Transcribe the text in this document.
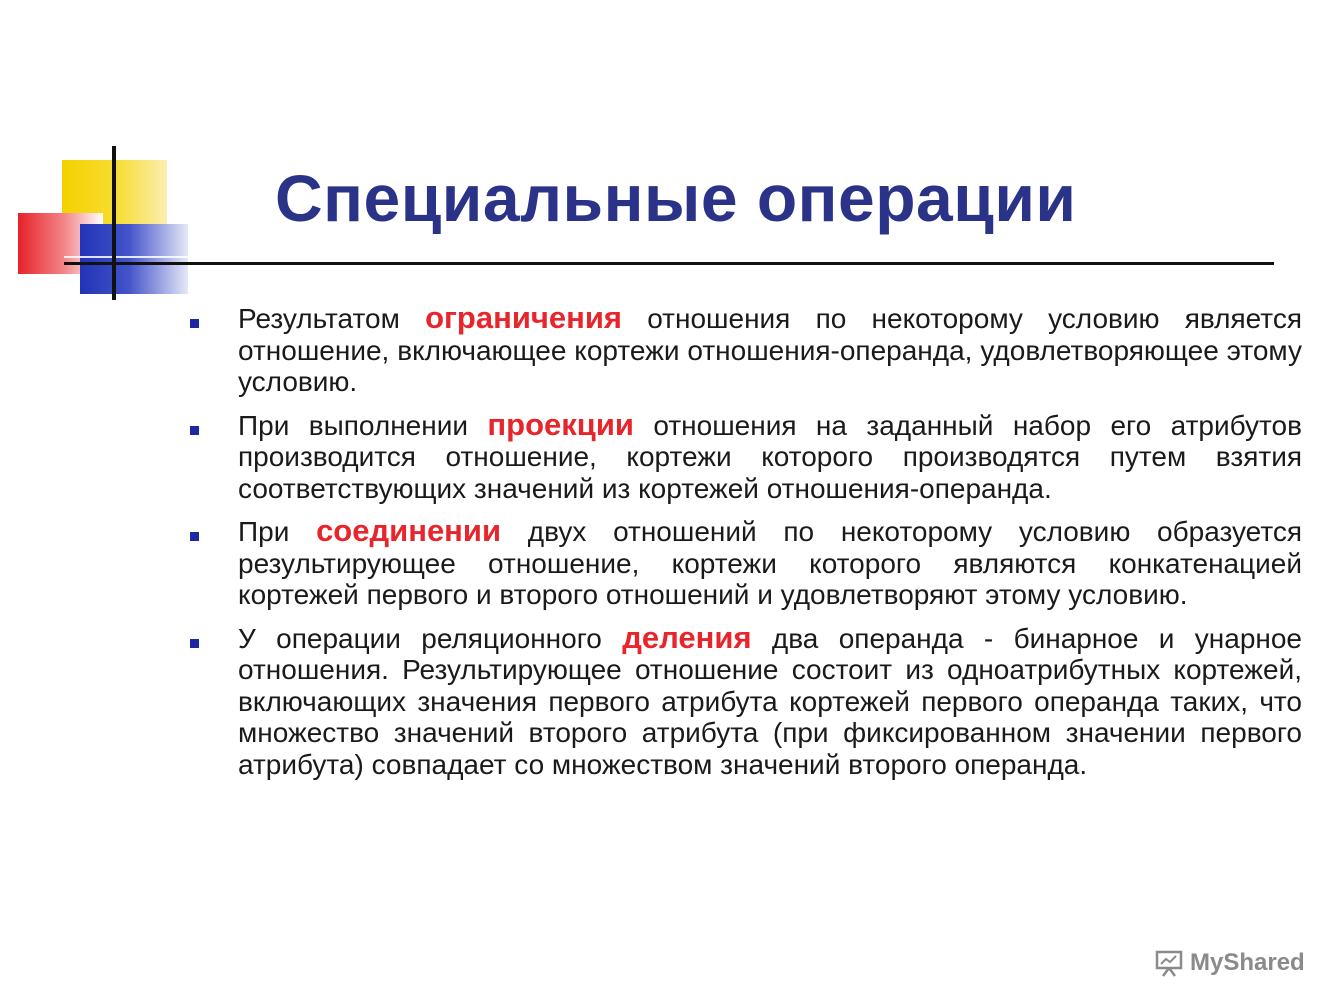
Специальные операции

Результатом ограничения отношения по некоторому условию является отношение, включающее кортежи отношения-операнда, удовлетворяющее этому условию.

При выполнении проекции отношения на заданный набор его атрибутов производится отношение, кортежи которого производятся путем взятия соответствующих значений из кортежей отношения-операнда.

При соединении двух отношений по некоторому условию образуется результирующее отношение, кортежи которого являются конкатенацией кортежей первого и второго отношений и удовлетворяют этому условию.

У операции реляционного деления два операнда - бинарное и унарное отношения. Результирующее отношение состоит из одноатрибутных кортежей, включающих значения первого атрибута кортежей первого операнда таких, что множество значений второго атрибута (при фиксированном значении первого атрибута) совпадает со множеством значений второго операнда.

MyShared
